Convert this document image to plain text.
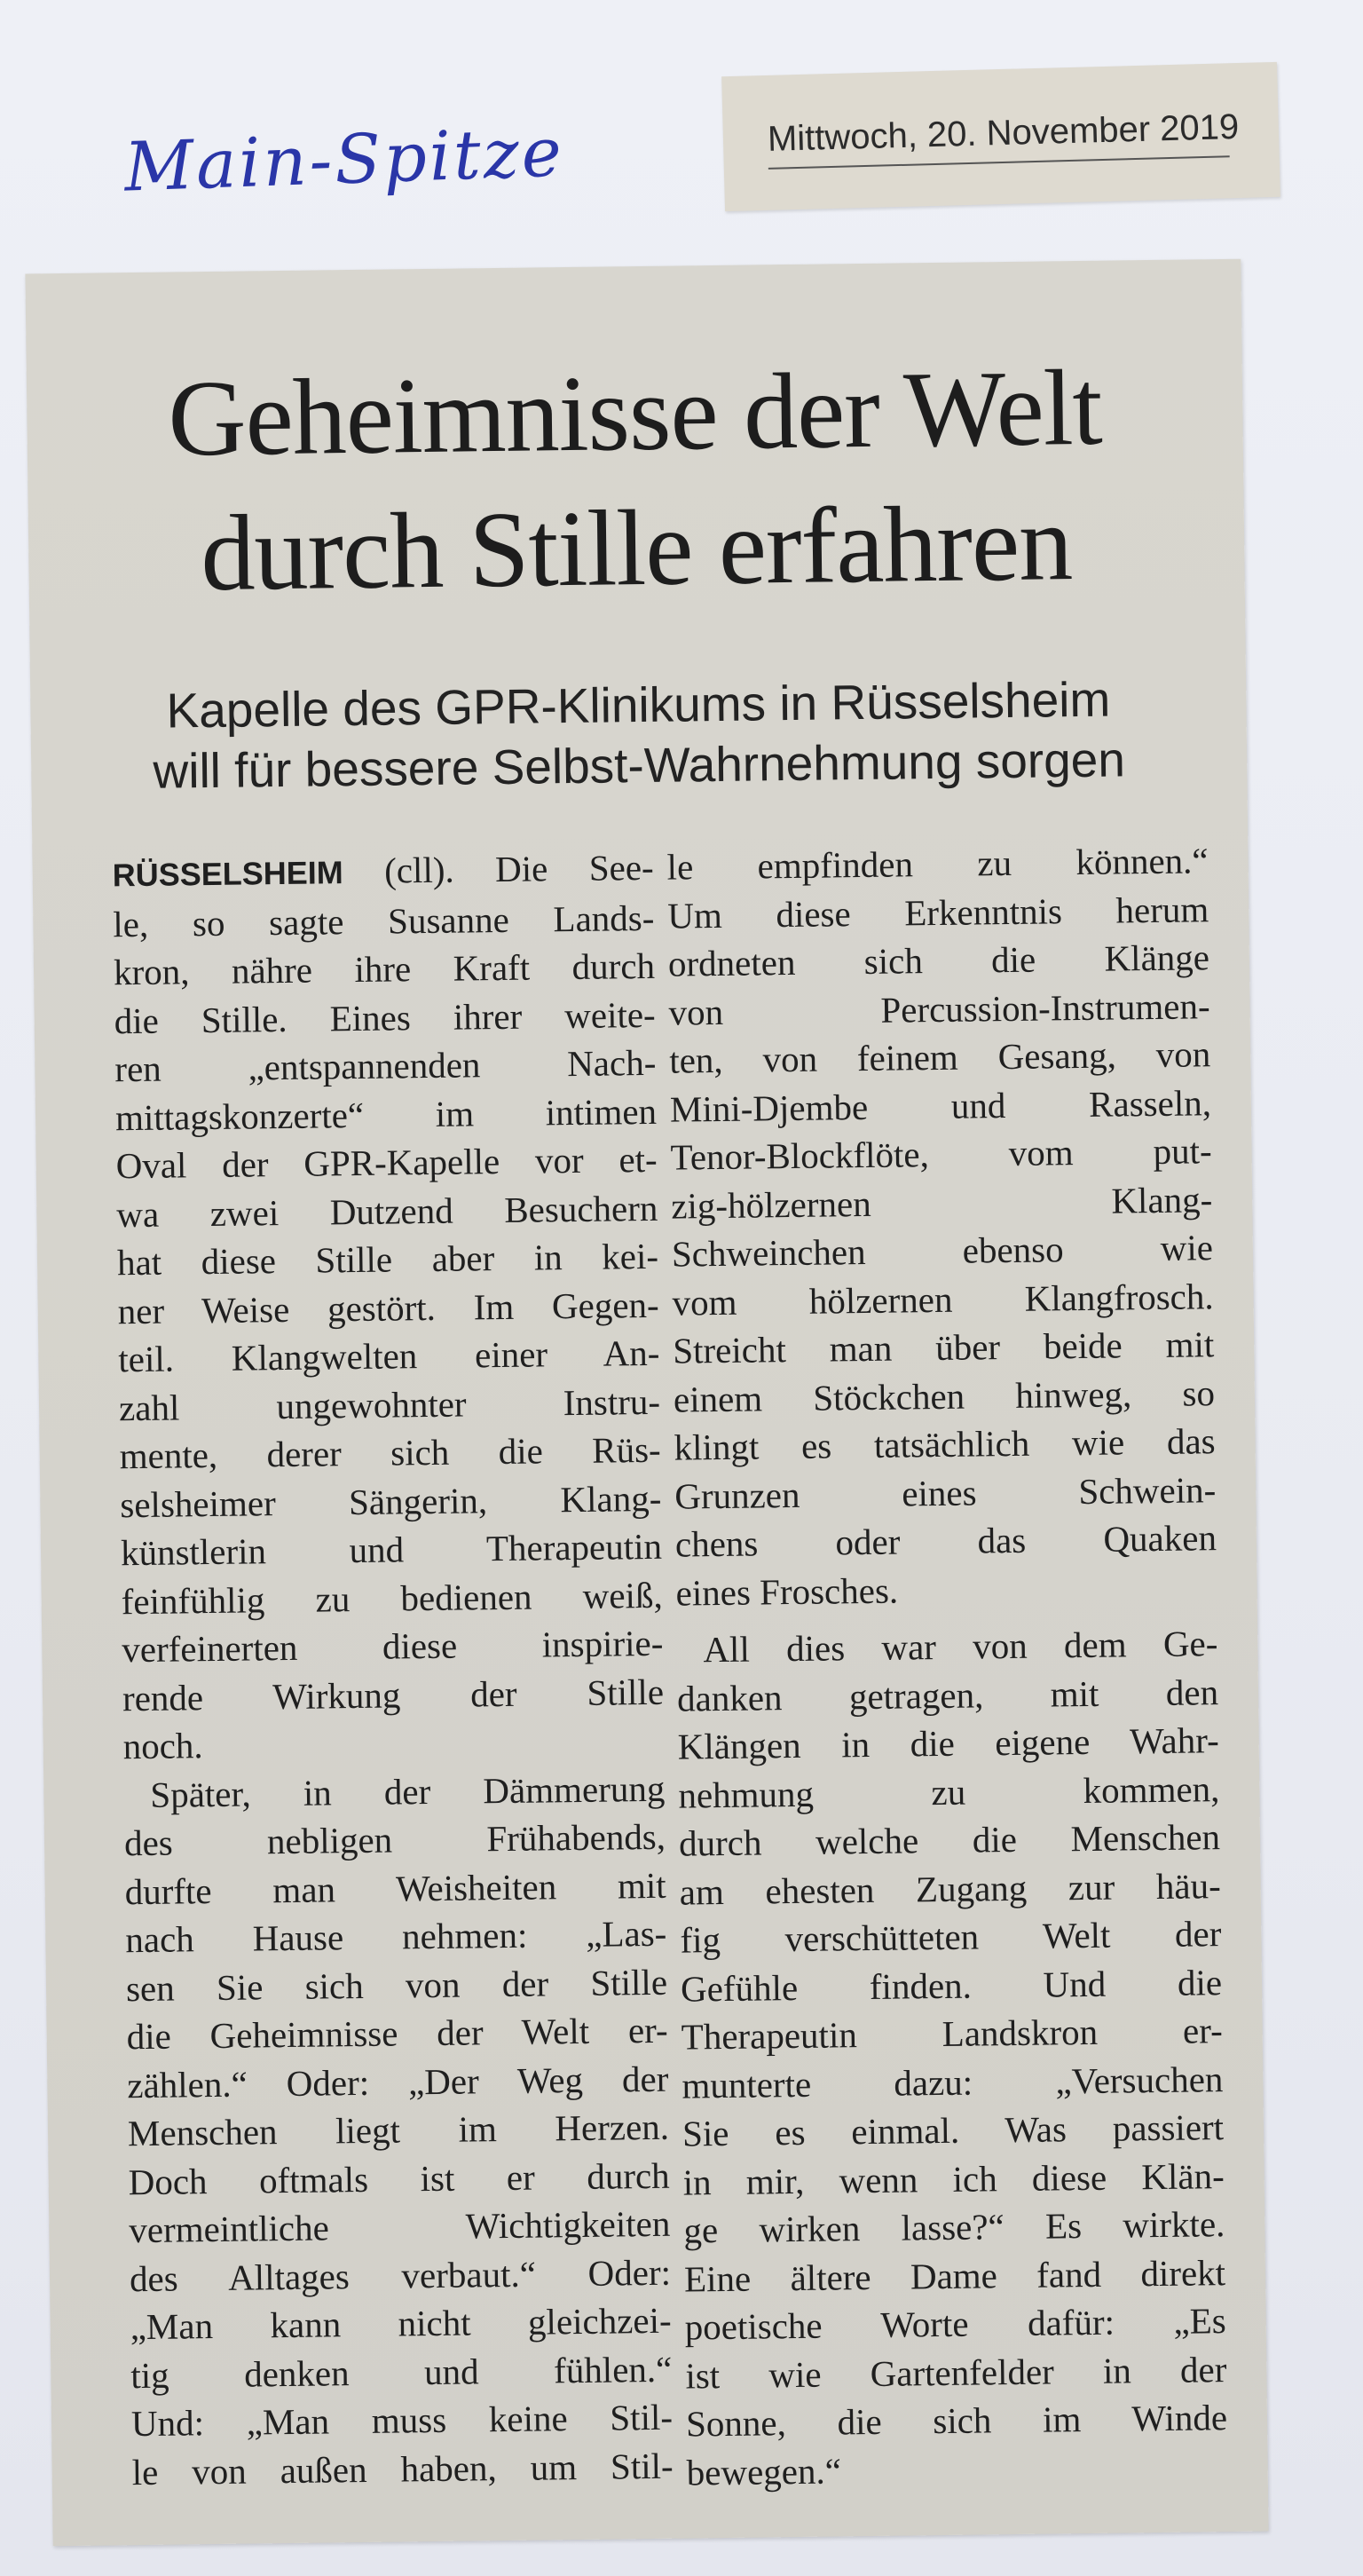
Main-Spitze	Mittwoch, 20. November 2019
Geheimnisse der Welt
durch Stille erfahren
Kapelle des GPR-Klinikums in Rüsselsheim
will für bessere Selbst-Wahrnehmung sorgen

RÜSSELSHEIM (cll). Die See-

le, so sagte Susanne Lands-

kron, nähre ihre Kraft durch

die Stille. Eines ihrer weite-

ren „entspannenden Nach-

mittagskonzerte“ im intimen

Oval der GPR-Kapelle vor et-

wa zwei Dutzend Besuchern

hat diese Stille aber in kei-

ner Weise gestört. Im Gegen-

teil. Klangwelten einer An-

zahl ungewohnter Instru-

mente, derer sich die Rüs-

selsheimer Sängerin, Klang-

künstlerin und Therapeutin

feinfühlig zu bedienen weiß,

verfeinerten diese inspirie-

rende Wirkung der Stille

noch.

Später, in der Dämmerung

des nebligen Frühabends,

durfte man Weisheiten mit

nach Hause nehmen: „Las-

sen Sie sich von der Stille

die Geheimnisse der Welt er-

zählen.“ Oder: „Der Weg der

Menschen liegt im Herzen.

Doch oftmals ist er durch

vermeintliche Wichtigkeiten

des Alltages verbaut.“ Oder:

„Man kann nicht gleichzei-

tig denken und fühlen.“

Und: „Man muss keine Stil-

le von außen haben, um Stil-

le empfinden zu können.“

Um diese Erkenntnis herum

ordneten sich die Klänge

von Percussion-Instrumen-

ten, von feinem Gesang, von

Mini-Djembe und Rasseln,

Tenor-Blockflöte, vom put-

zig-hölzernen Klang-

Schweinchen ebenso wie

vom hölzernen Klangfrosch.

Streicht man über beide mit

einem Stöckchen hinweg, so

klingt es tatsächlich wie das

Grunzen eines Schwein-

chens oder das Quaken

eines Frosches.

All dies war von dem Ge-

danken getragen, mit den

Klängen in die eigene Wahr-

nehmung zu kommen,

durch welche die Menschen

am ehesten Zugang zur häu-

fig verschütteten Welt der

Gefühle finden. Und die

Therapeutin Landskron er-

munterte dazu: „Versuchen

Sie es einmal. Was passiert

in mir, wenn ich diese Klän-

ge wirken lasse?“ Es wirkte.

Eine ältere Dame fand direkt

poetische Worte dafür: „Es

ist wie Gartenfelder in der

Sonne, die sich im Winde

bewegen.“
